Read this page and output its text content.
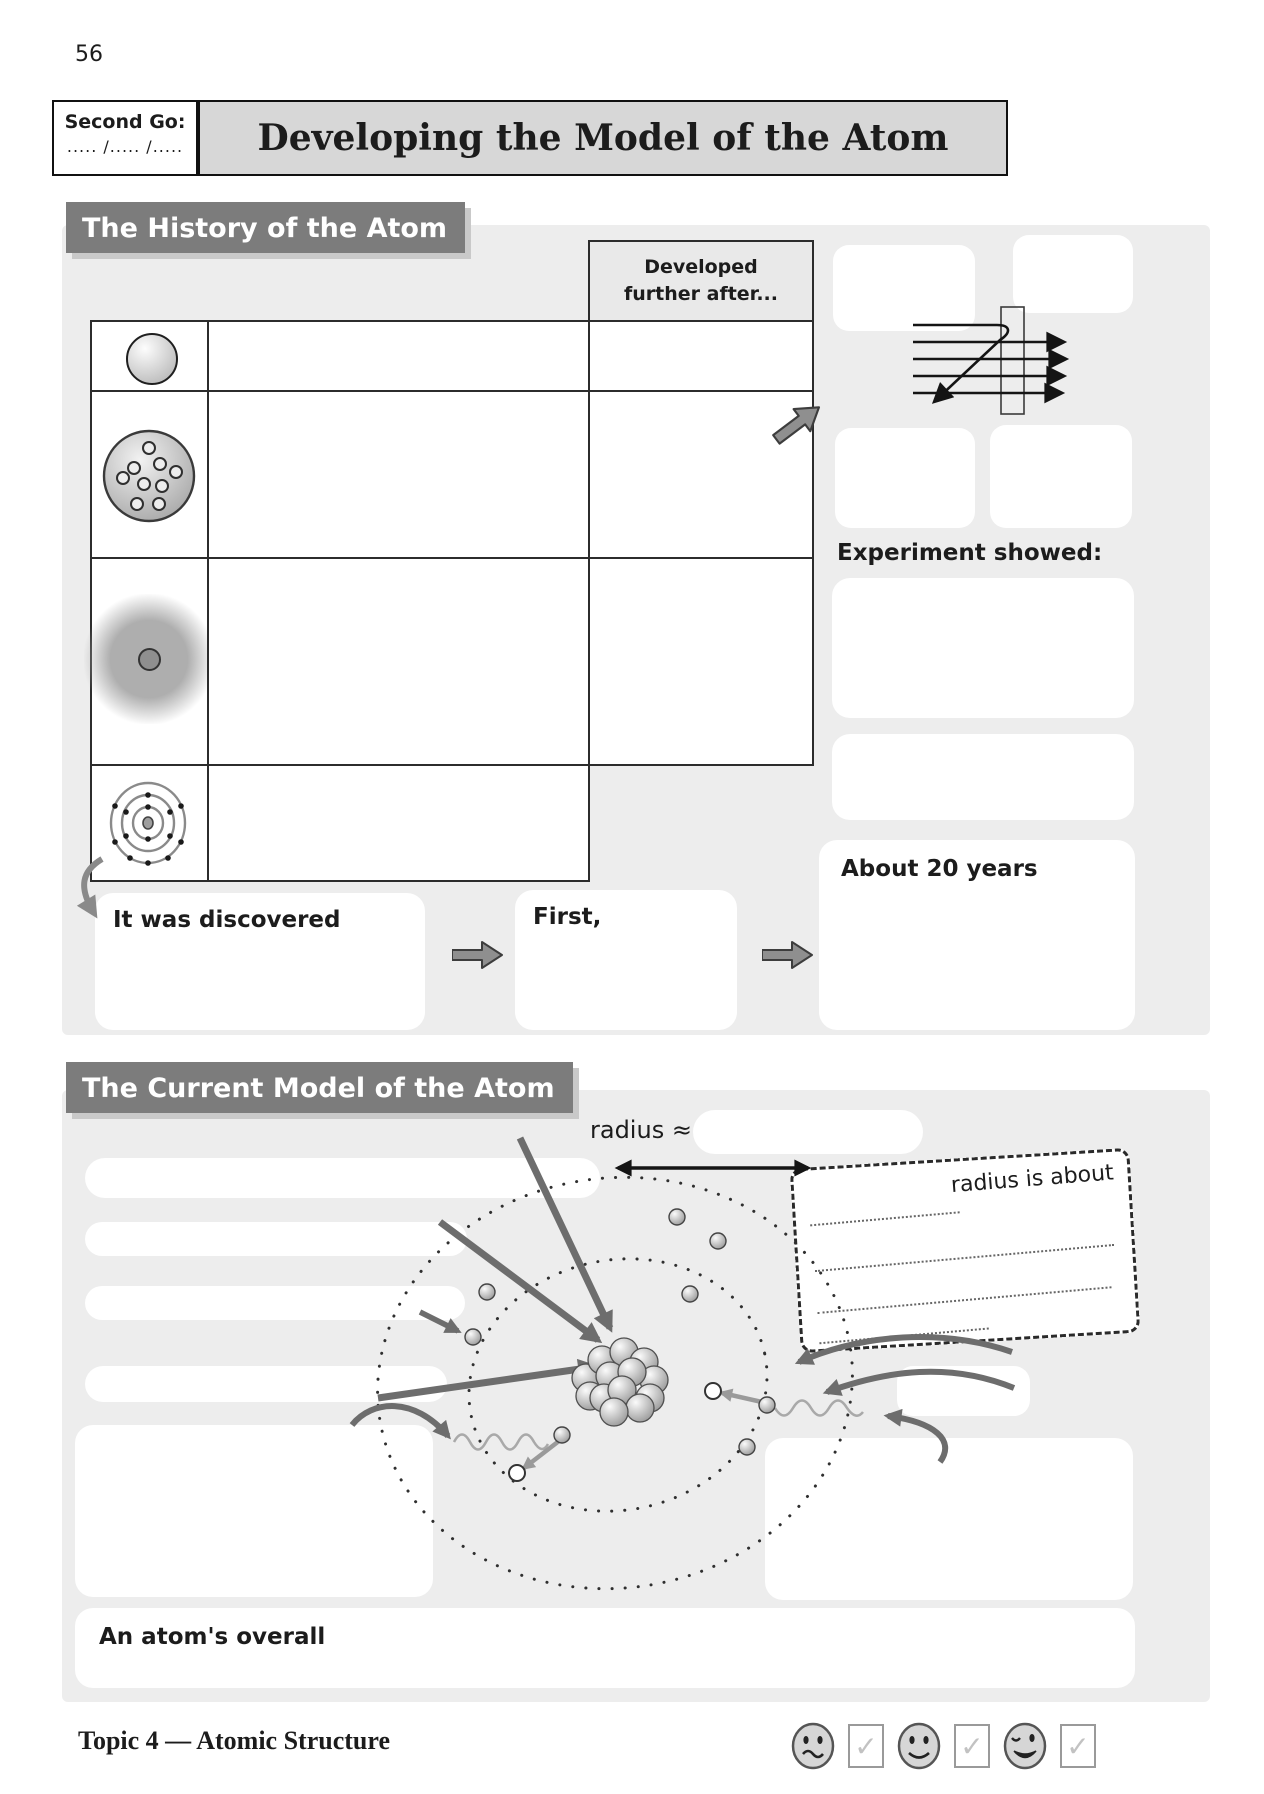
56
Second Go:
..... /..... /.....	Developing the Model of the Atom
The History of the Atom
Developed
further after...
Experiment showed:
It was discovered	First,
About 20 years
The Current Model of the Atom
radius ≈
An atom's overall
radius is about
Topic 4 — Atomic Structure	✓	✓	✓
